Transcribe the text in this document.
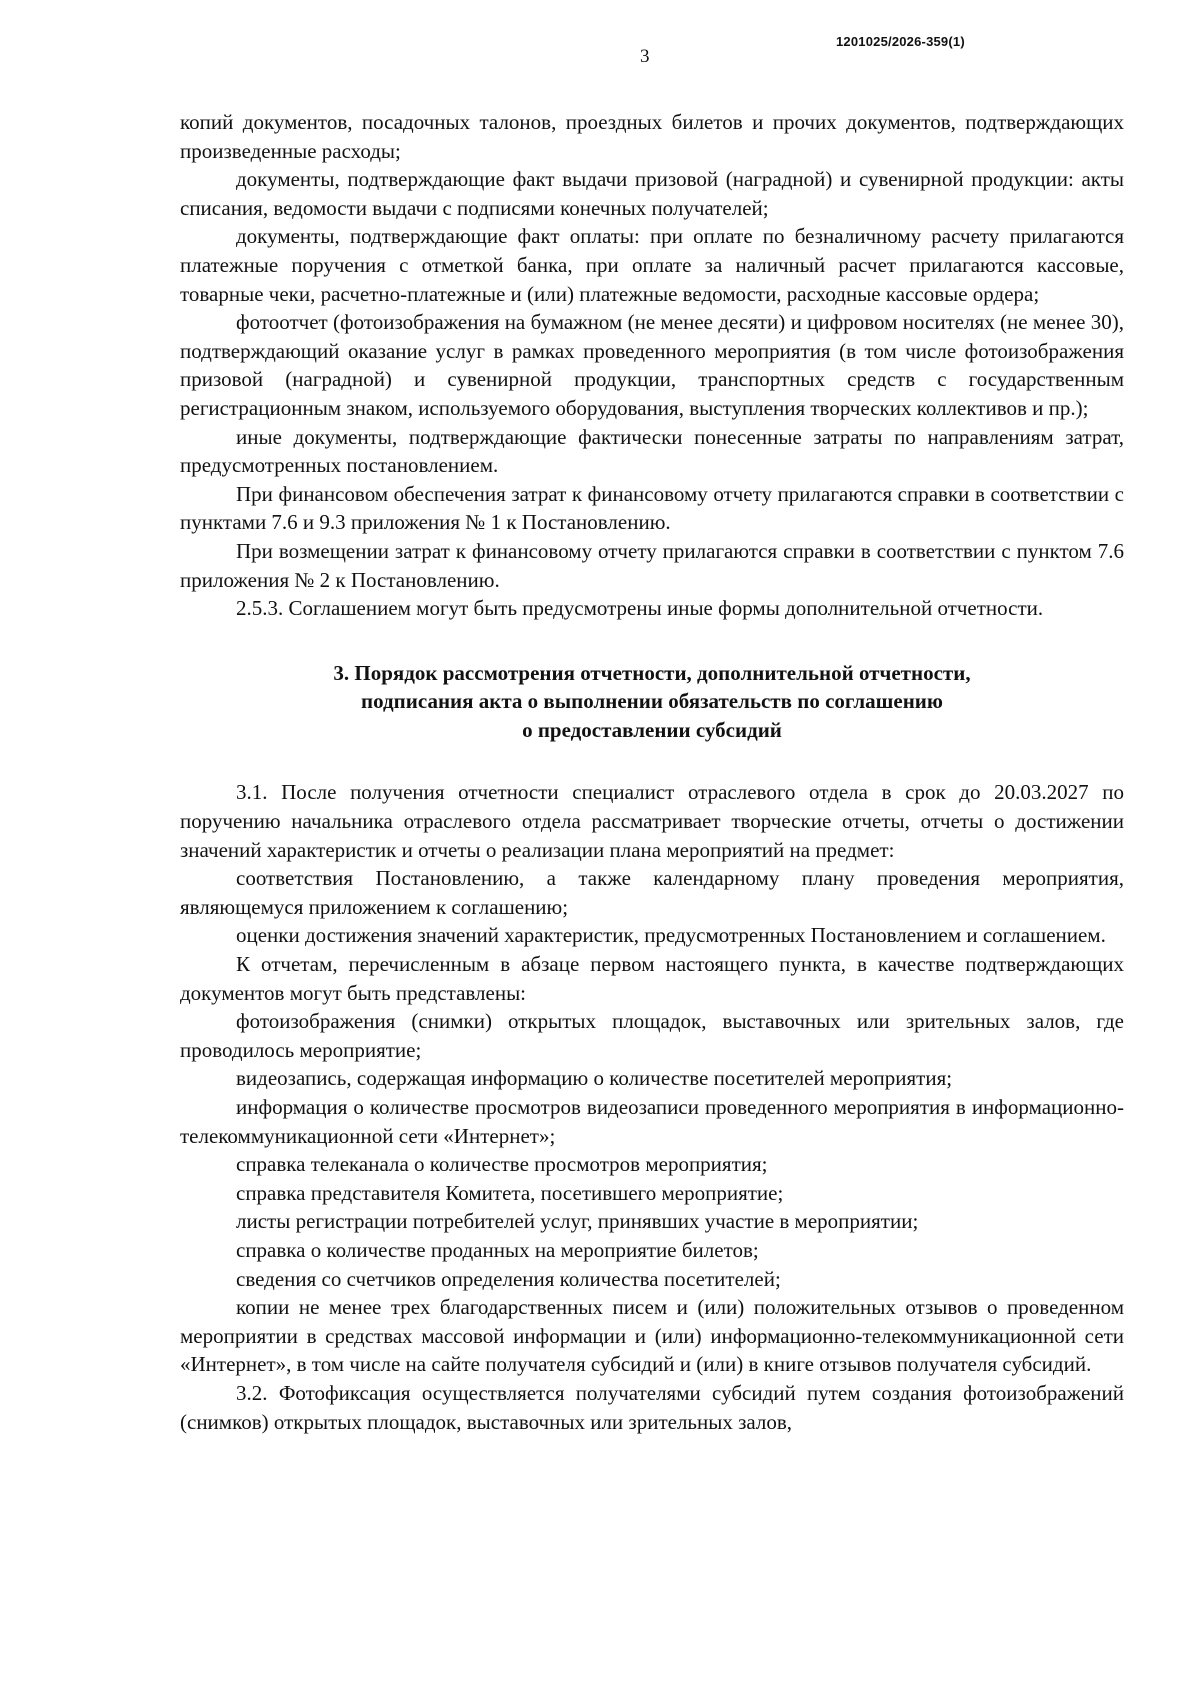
1201025/2026-359(1)
3

копий документов, посадочных талонов, проездных билетов и прочих документов, подтверждающих произведенные расходы;

документы, подтверждающие факт выдачи призовой (наградной) и сувенирной продукции: акты списания, ведомости выдачи с подписями конечных получателей;

документы, подтверждающие факт оплаты: при оплате по безналичному расчету прилагаются платежные поручения с отметкой банка, при оплате за наличный расчет прилагаются кассовые, товарные чеки, расчетно-платежные и (или) платежные ведомости, расходные кассовые ордера;

фотоотчет (фотоизображения на бумажном (не менее десяти) и цифровом носителях (не менее 30), подтверждающий оказание услуг в рамках проведенного мероприятия (в том числе фотоизображения призовой (наградной) и сувенирной продукции, транспортных средств с государственным регистрационным знаком, используемого оборудования, выступления творческих коллективов и пр.);

иные документы, подтверждающие фактически понесенные затраты по направлениям затрат, предусмотренных постановлением.

При финансовом обеспечения затрат к финансовому отчету прилагаются справки в соответствии с пунктами 7.6 и 9.3 приложения № 1 к Постановлению.

При возмещении затрат к финансовому отчету прилагаются справки в соответствии с пунктом 7.6 приложения № 2 к Постановлению.

2.5.3. Соглашением могут быть предусмотрены иные формы дополнительной отчетности.

3. Порядок рассмотрения отчетности, дополнительной отчетности,
подписания акта о выполнении обязательств по соглашению
о предоставлении субсидий

3.1. После получения отчетности специалист отраслевого отдела в срок до 20.03.2027 по поручению начальника отраслевого отдела рассматривает творческие отчеты, отчеты о достижении значений характеристик и отчеты о реализации плана мероприятий на предмет:

соответствия Постановлению, а также календарному плану проведения мероприятия, являющемуся приложением к соглашению;

оценки достижения значений характеристик, предусмотренных Постановлением и соглашением.

К отчетам, перечисленным в абзаце первом настоящего пункта, в качестве подтверждающих документов могут быть представлены:

фотоизображения (снимки) открытых площадок, выставочных или зрительных залов, где проводилось мероприятие;

видеозапись, содержащая информацию о количестве посетителей мероприятия;

информация о количестве просмотров видеозаписи проведенного мероприятия в информационно-телекоммуникационной сети «Интернет»;

справка телеканала о количестве просмотров мероприятия;

справка представителя Комитета, посетившего мероприятие;

листы регистрации потребителей услуг, принявших участие в мероприятии;

справка о количестве проданных на мероприятие билетов;

сведения со счетчиков определения количества посетителей;

копии не менее трех благодарственных писем и (или) положительных отзывов о проведенном мероприятии в средствах массовой информации и (или) информационно-телекоммуникационной сети «Интернет», в том числе на сайте получателя субсидий и (или) в книге отзывов получателя субсидий.

3.2. Фотофиксация осуществляется получателями субсидий путем создания фотоизображений (снимков) открытых площадок, выставочных или зрительных залов,
